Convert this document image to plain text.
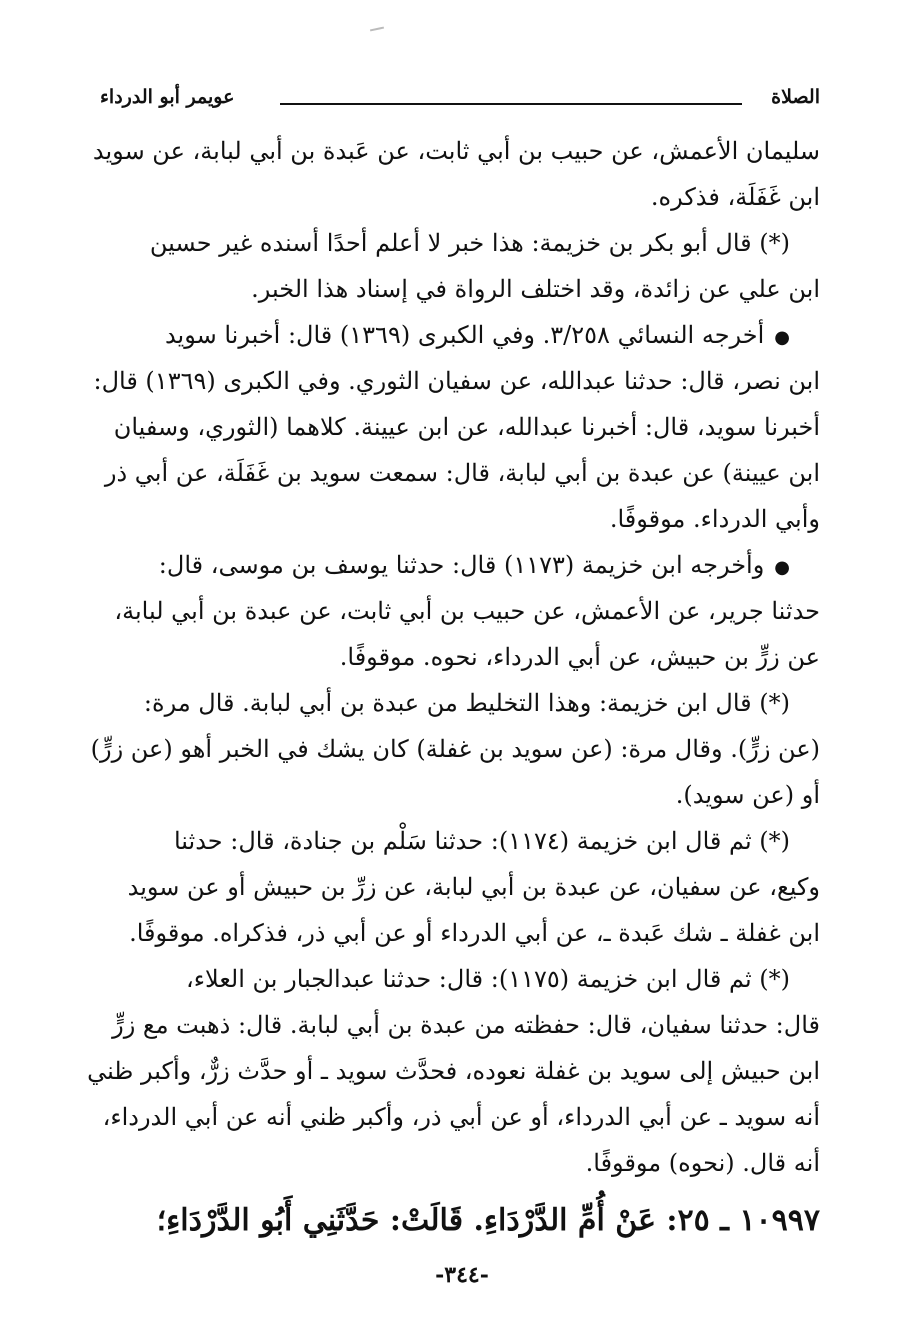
الصلاة
عويمر أبو الدرداء
سليمان الأعمش، عن حبيب بن أبي ثابت، عن عَبدة بن أبي لبابة، عن سويد
ابن غَفَلَة، فذكره.
(*) قال أبو بكر بن خزيمة: هذا خبر لا أعلم أحدًا أسنده غير حسين
ابن علي عن زائدة، وقد اختلف الرواة في إسناد هذا الخبر.
● أخرجه النسائي ٣/٢٥٨. وفي الكبرى (١٣٦٩) قال: أخبرنا سويد
ابن نصر، قال: حدثنا عبدالله، عن سفيان الثوري. وفي الكبرى (١٣٦٩) قال:
أخبرنا سويد، قال: أخبرنا عبدالله، عن ابن عيينة. كلاهما (الثوري، وسفيان
ابن عيينة) عن عبدة بن أبي لبابة، قال: سمعت سويد بن غَفَلَة، عن أبي ذر
وأبي الدرداء. موقوفًا.
● وأخرجه ابن خزيمة (١١٧٣) قال: حدثنا يوسف بن موسى، قال:
حدثنا جرير، عن الأعمش، عن حبيب بن أبي ثابت، عن عبدة بن أبي لبابة،
عن زرٍّ بن حبيش، عن أبي الدرداء، نحوه. موقوفًا.
(*) قال ابن خزيمة: وهذا التخليط من عبدة بن أبي لبابة. قال مرة:
(عن زرٍّ). وقال مرة: (عن سويد بن غفلة) كان يشك في الخبر أهو (عن زرٍّ)
أو (عن سويد).
(*) ثم قال ابن خزيمة (١١٧٤): حدثنا سَلْم بن جنادة، قال: حدثنا
وكيع، عن سفيان، عن عبدة بن أبي لبابة، عن زرِّ بن حبيش أو عن سويد
ابن غفلة ـ شك عَبدة ـ، عن أبي الدرداء أو عن أبي ذر، فذكراه. موقوفًا.
(*) ثم قال ابن خزيمة (١١٧٥): قال: حدثنا عبدالجبار بن العلاء،
قال: حدثنا سفيان، قال: حفظته من عبدة بن أبي لبابة. قال: ذهبت مع زرٍّ
ابن حبيش إلى سويد بن غفلة نعوده، فحدَّث سويد ـ أو حدَّث زرٌّ، وأكبر ظني
أنه سويد ـ عن أبي الدرداء، أو عن أبي ذر، وأكبر ظني أنه عن أبي الدرداء،
أنه قال. (نحوه) موقوفًا.
١٠٩٩٧ ـ ٢٥: عَنْ أُمِّ الدَّرْدَاءِ. قَالَتْ: حَدَّثَنِي أَبُو الدَّرْدَاءِ؛
-٣٤٤-
